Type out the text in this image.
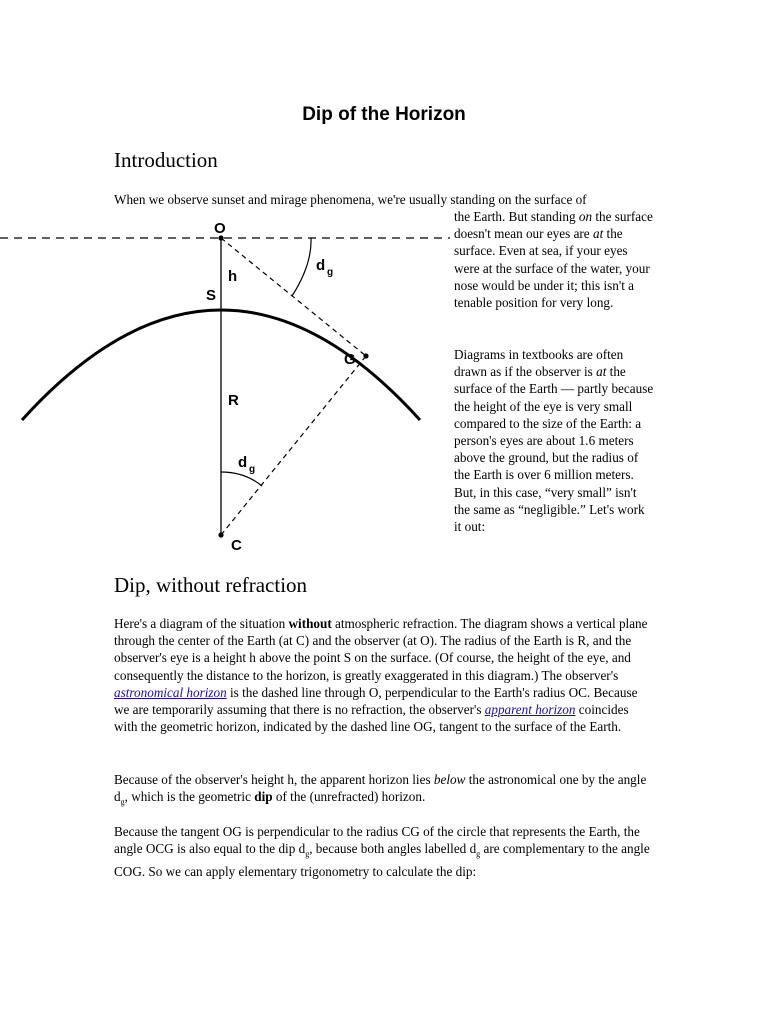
Dip of the Horizon
Introduction

When we observe sunset and mirage phenomena, we're usually standing on the surface of

the Earth. But standing on the surface doesn't mean our eyes are at the surface. Even at sea, if your eyes were at the surface of the water, your nose would be under it; this isn't a tenable position for very long.

Diagrams in textbooks are often drawn as if the observer is at the surface of the Earth — partly because the height of the eye is very small compared to the size of the Earth: a person's eyes are about 1.6 meters above the ground, but the radius of the Earth is over 6 million meters. But, in this case, “very small” isn't the same as “negligible.” Let's work it out:

O
h
S
G
R
C
d g
d g
Dip, without refraction

Here's a diagram of the situation without atmospheric refraction. The diagram shows a vertical plane through the center of the Earth (at C) and the observer (at O). The radius of the Earth is R, and the observer's eye is a height h above the point S on the surface. (Of course, the height of the eye, and consequently the distance to the horizon, is greatly exaggerated in this diagram.) The observer's astronomical horizon is the dashed line through O, perpendicular to the Earth's radius OC. Because we are temporarily assuming that there is no refraction, the observer's apparent horizon coincides with the geometric horizon, indicated by the dashed line OG, tangent to the surface of the Earth.

Because of the observer's height h, the apparent horizon lies below the astronomical one by the angle $d_g$, which is the geometric dip of the (unrefracted) horizon.

Because the tangent OG is perpendicular to the radius CG of the circle that represents the Earth, the angle OCG is also equal to the dip $d_g$, because both angles labelled $d_g$ are complementary to the angle COG. So we can apply elementary trigonometry to calculate the dip:
